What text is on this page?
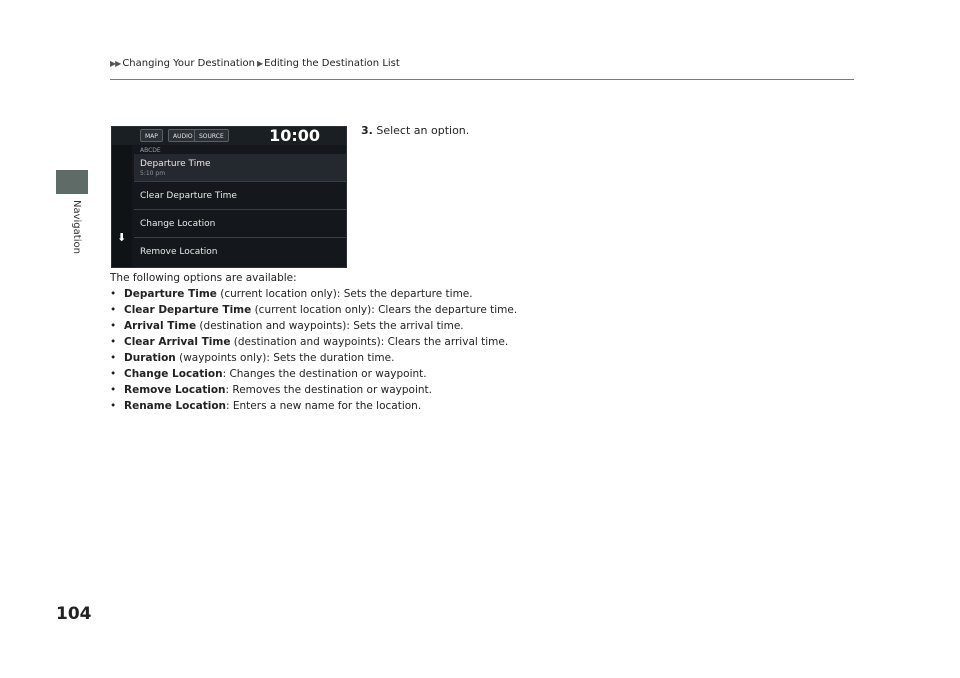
▶▶ Changing Your Destination ▶ Editing the Destination List
Navigation
MAP	AUDIO	SOURCE	10:00
⬇
ABCDE
Departure Time
5:10 pm
Clear Departure Time
Change Location
Remove Location
3. Select an option.
The following options are available:
• Departure Time (current location only): Sets the departure time.
• Clear Departure Time (current location only): Clears the departure time.
• Arrival Time (destination and waypoints): Sets the arrival time.
• Clear Arrival Time (destination and waypoints): Clears the arrival time.
• Duration (waypoints only): Sets the duration time.
• Change Location: Changes the destination or waypoint.
• Remove Location: Removes the destination or waypoint.
• Rename Location: Enters a new name for the location.
104
